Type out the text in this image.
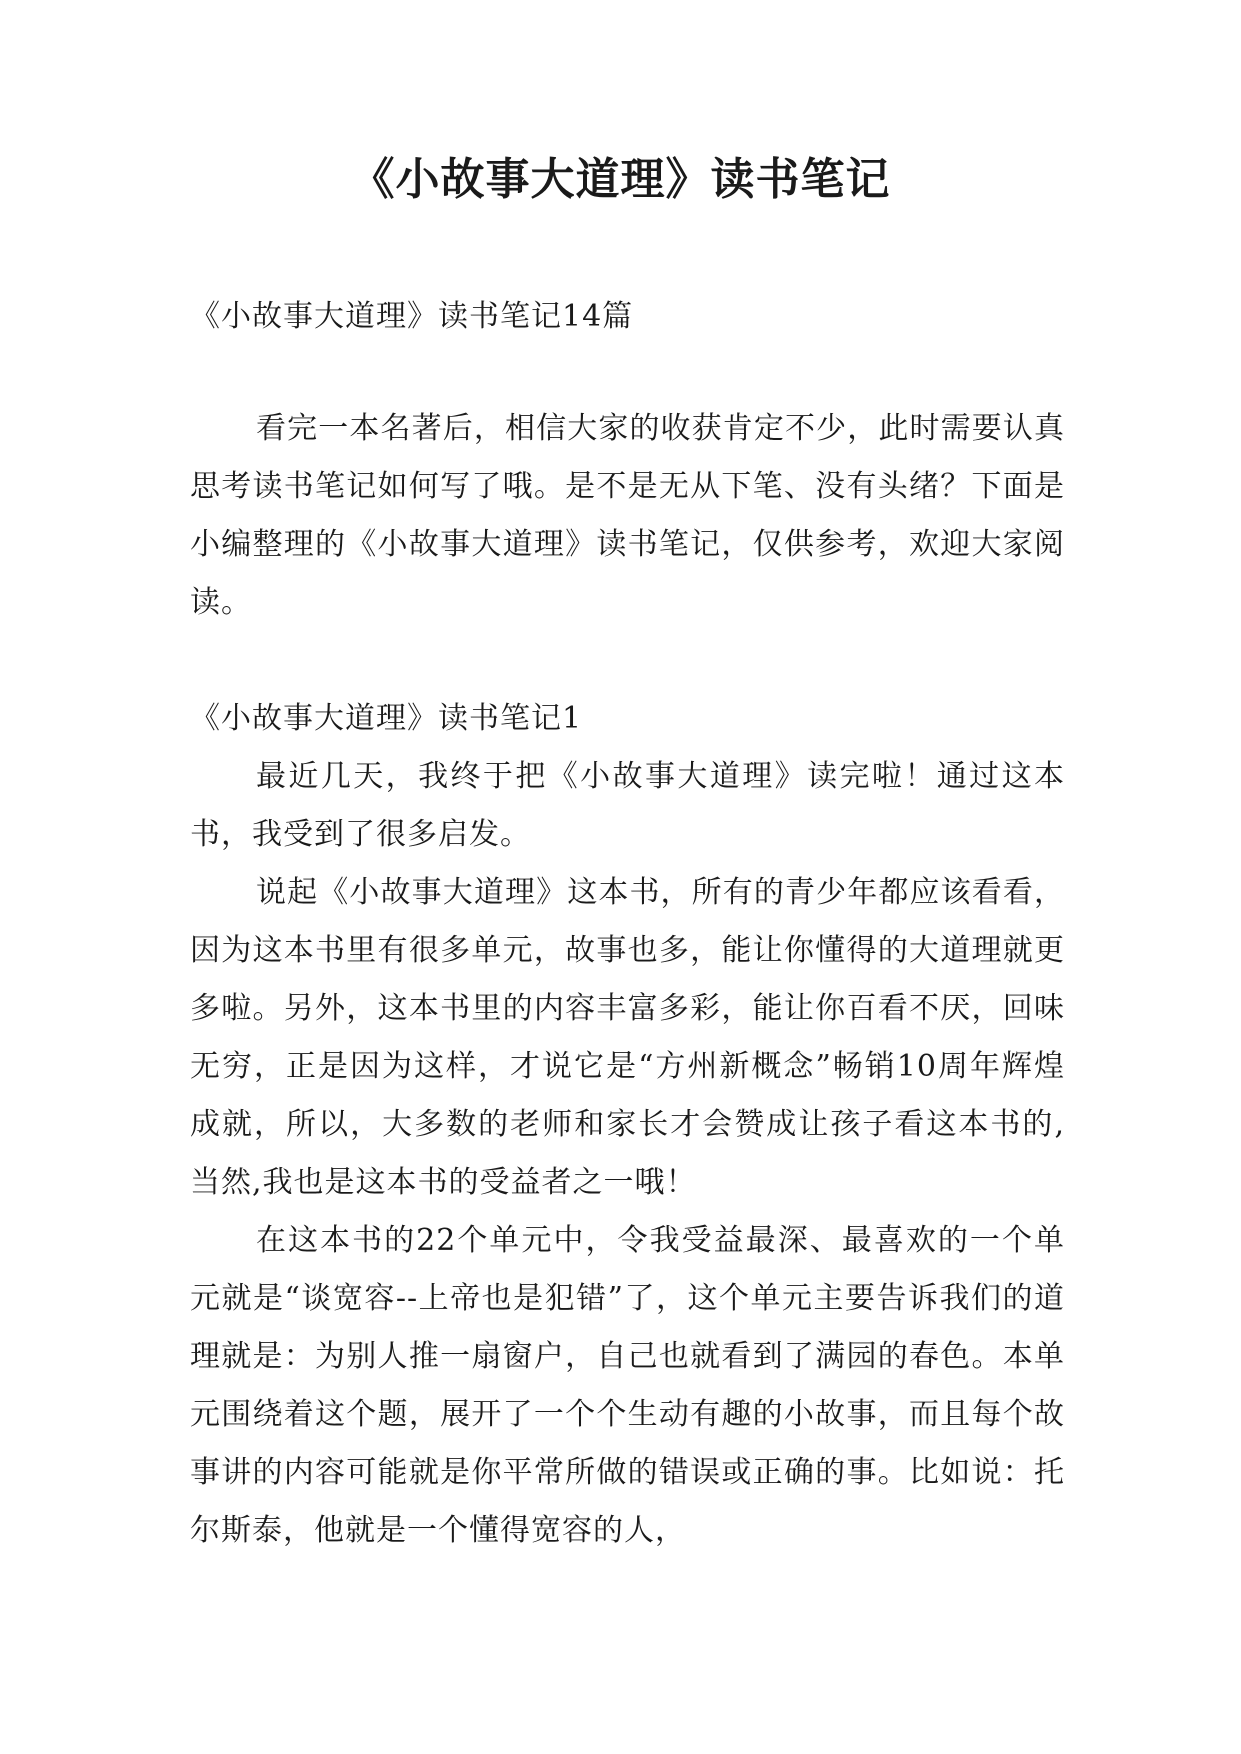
《小故事大道理》读书笔记
《小故事大道理》读书笔记14篇
看完一本名著后，相信大家的收获肯定不少，此时需要认真思考读书笔记如何写了哦。是不是无从下笔、没有头绪？下面是小编整理的《小故事大道理》读书笔记，仅供参考，欢迎大家阅读。
《小故事大道理》读书笔记1

最近几天，我终于把《小故事大道理》读完啦！通过这本书，我受到了很多启发。

说起《小故事大道理》这本书，所有的青少年都应该看看，因为这本书里有很多单元，故事也多，能让你懂得的大道理就更多啦。另外，这本书里的内容丰富多彩，能让你百看不厌，回味无穷，正是因为这样，才说它是“方州新概念”畅销10周年辉煌成就，所以，大多数的老师和家长才会赞成让孩子看这本书的,当然,我也是这本书的受益者之一哦！

在这本书的22个单元中，令我受益最深、最喜欢的一个单元就是“谈宽容--上帝也是犯错”了，这个单元主要告诉我们的道理就是：为别人推一扇窗户，自己也就看到了满园的春色。本单元围绕着这个题，展开了一个个生动有趣的小故事，而且每个故事讲的内容可能就是你平常所做的错误或正确的事。比如说：托尔斯泰，他就是一个懂得宽容的人，
